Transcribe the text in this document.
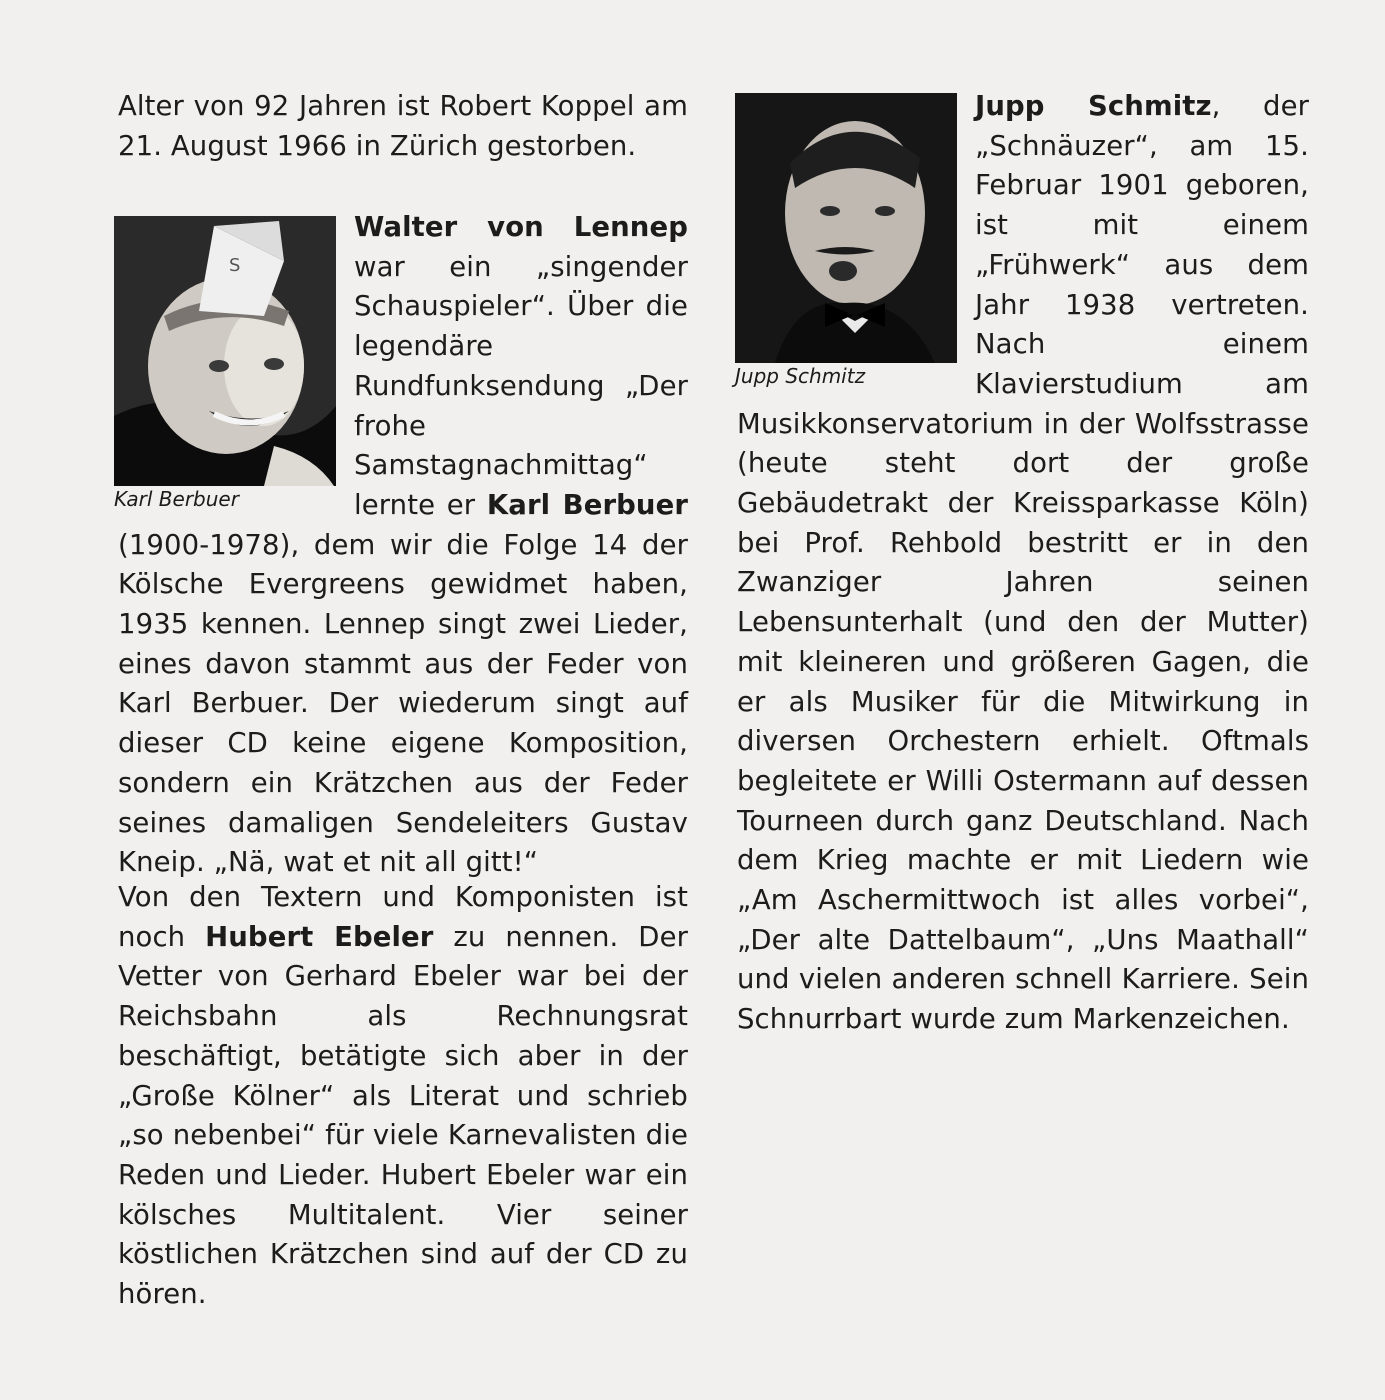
Alter von 92 Jahren ist Robert Koppel am 21. August 1966 in Zürich gestorben.

S
Karl Berbuer

Walter von Lennep war ein „singender Schauspieler“. Über die legendäre Rundfunksendung „Der frohe Samstagnachmittag“ lernte er Karl Berbuer (1900-1978), dem wir die Folge 14 der Kölsche Evergreens gewidmet haben, 1935 kennen. Lennep singt zwei Lieder, eines davon stammt aus der Feder von Karl Berbuer. Der wiederum singt auf dieser CD keine eigene Komposition, sondern ein Krätzchen aus der Feder seines damaligen Sendeleiters Gustav Kneip. „Nä, wat et nit all gitt!“

Von den Textern und Komponisten ist noch Hubert Ebeler zu nennen. Der Vetter von Gerhard Ebeler war bei der Reichsbahn als Rechnungsrat beschäftigt, betätigte sich aber in der „Große Kölner“ als Literat und schrieb „so nebenbei“ für viele Karnevalisten die Reden und Lieder. Hubert Ebeler war ein kölsches Multitalent. Vier seiner köstlichen Krätzchen sind auf der CD zu hören.

Jupp Schmitz

Jupp Schmitz, der „Schnäuzer“, am 15. Februar 1901 geboren, ist mit einem „Frühwerk“ aus dem Jahr 1938 vertreten. Nach einem Klavierstudium am Musikkonservatorium in der Wolfsstrasse (heute steht dort der große Gebäudetrakt der Kreissparkasse Köln) bei Prof. Rehbold bestritt er in den Zwanziger Jahren seinen Lebensunterhalt (und den der Mutter) mit kleineren und größeren Gagen, die er als Musiker für die Mitwirkung in diversen Orchestern erhielt. Oftmals begleitete er Willi Ostermann auf dessen Tourneen durch ganz Deutschland. Nach dem Krieg machte er mit Liedern wie „Am Aschermittwoch ist alles vorbei“, „Der alte Dattelbaum“, „Uns Maathall“ und vielen anderen schnell Karriere. Sein Schnurrbart wurde zum Markenzeichen.
